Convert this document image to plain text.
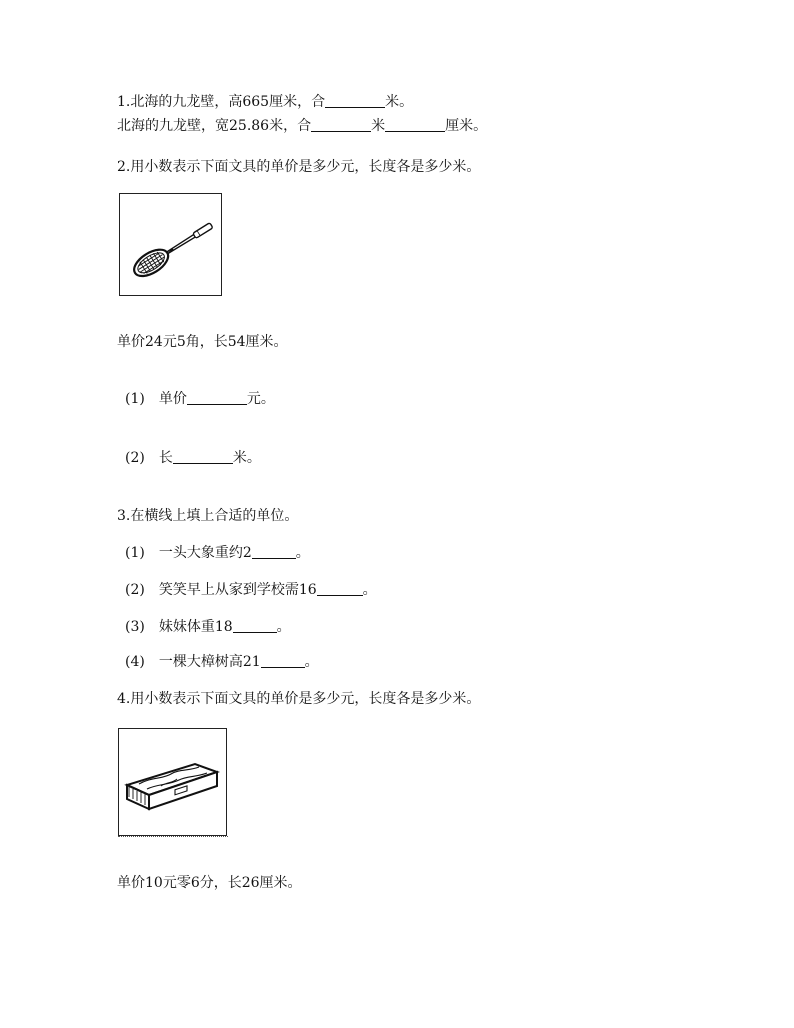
1.北海的九龙壁，高665厘米，合	米。
北海的九龙壁，宽25.86米，合	米	厘米。
2.用小数表示下面文具的单价是多少元，长度各是多少米。
单价24元5角，长54厘米。
(1) 单价	元。
(2) 长	米。
3.在横线上填上合适的单位。
(1) 一头大象重约2	。
(2) 笑笑早上从家到学校需16	。
(3) 妹妹体重18	。
(4) 一棵大樟树高21	。
4.用小数表示下面文具的单价是多少元，长度各是多少米。
单价10元零6分，长26厘米。
